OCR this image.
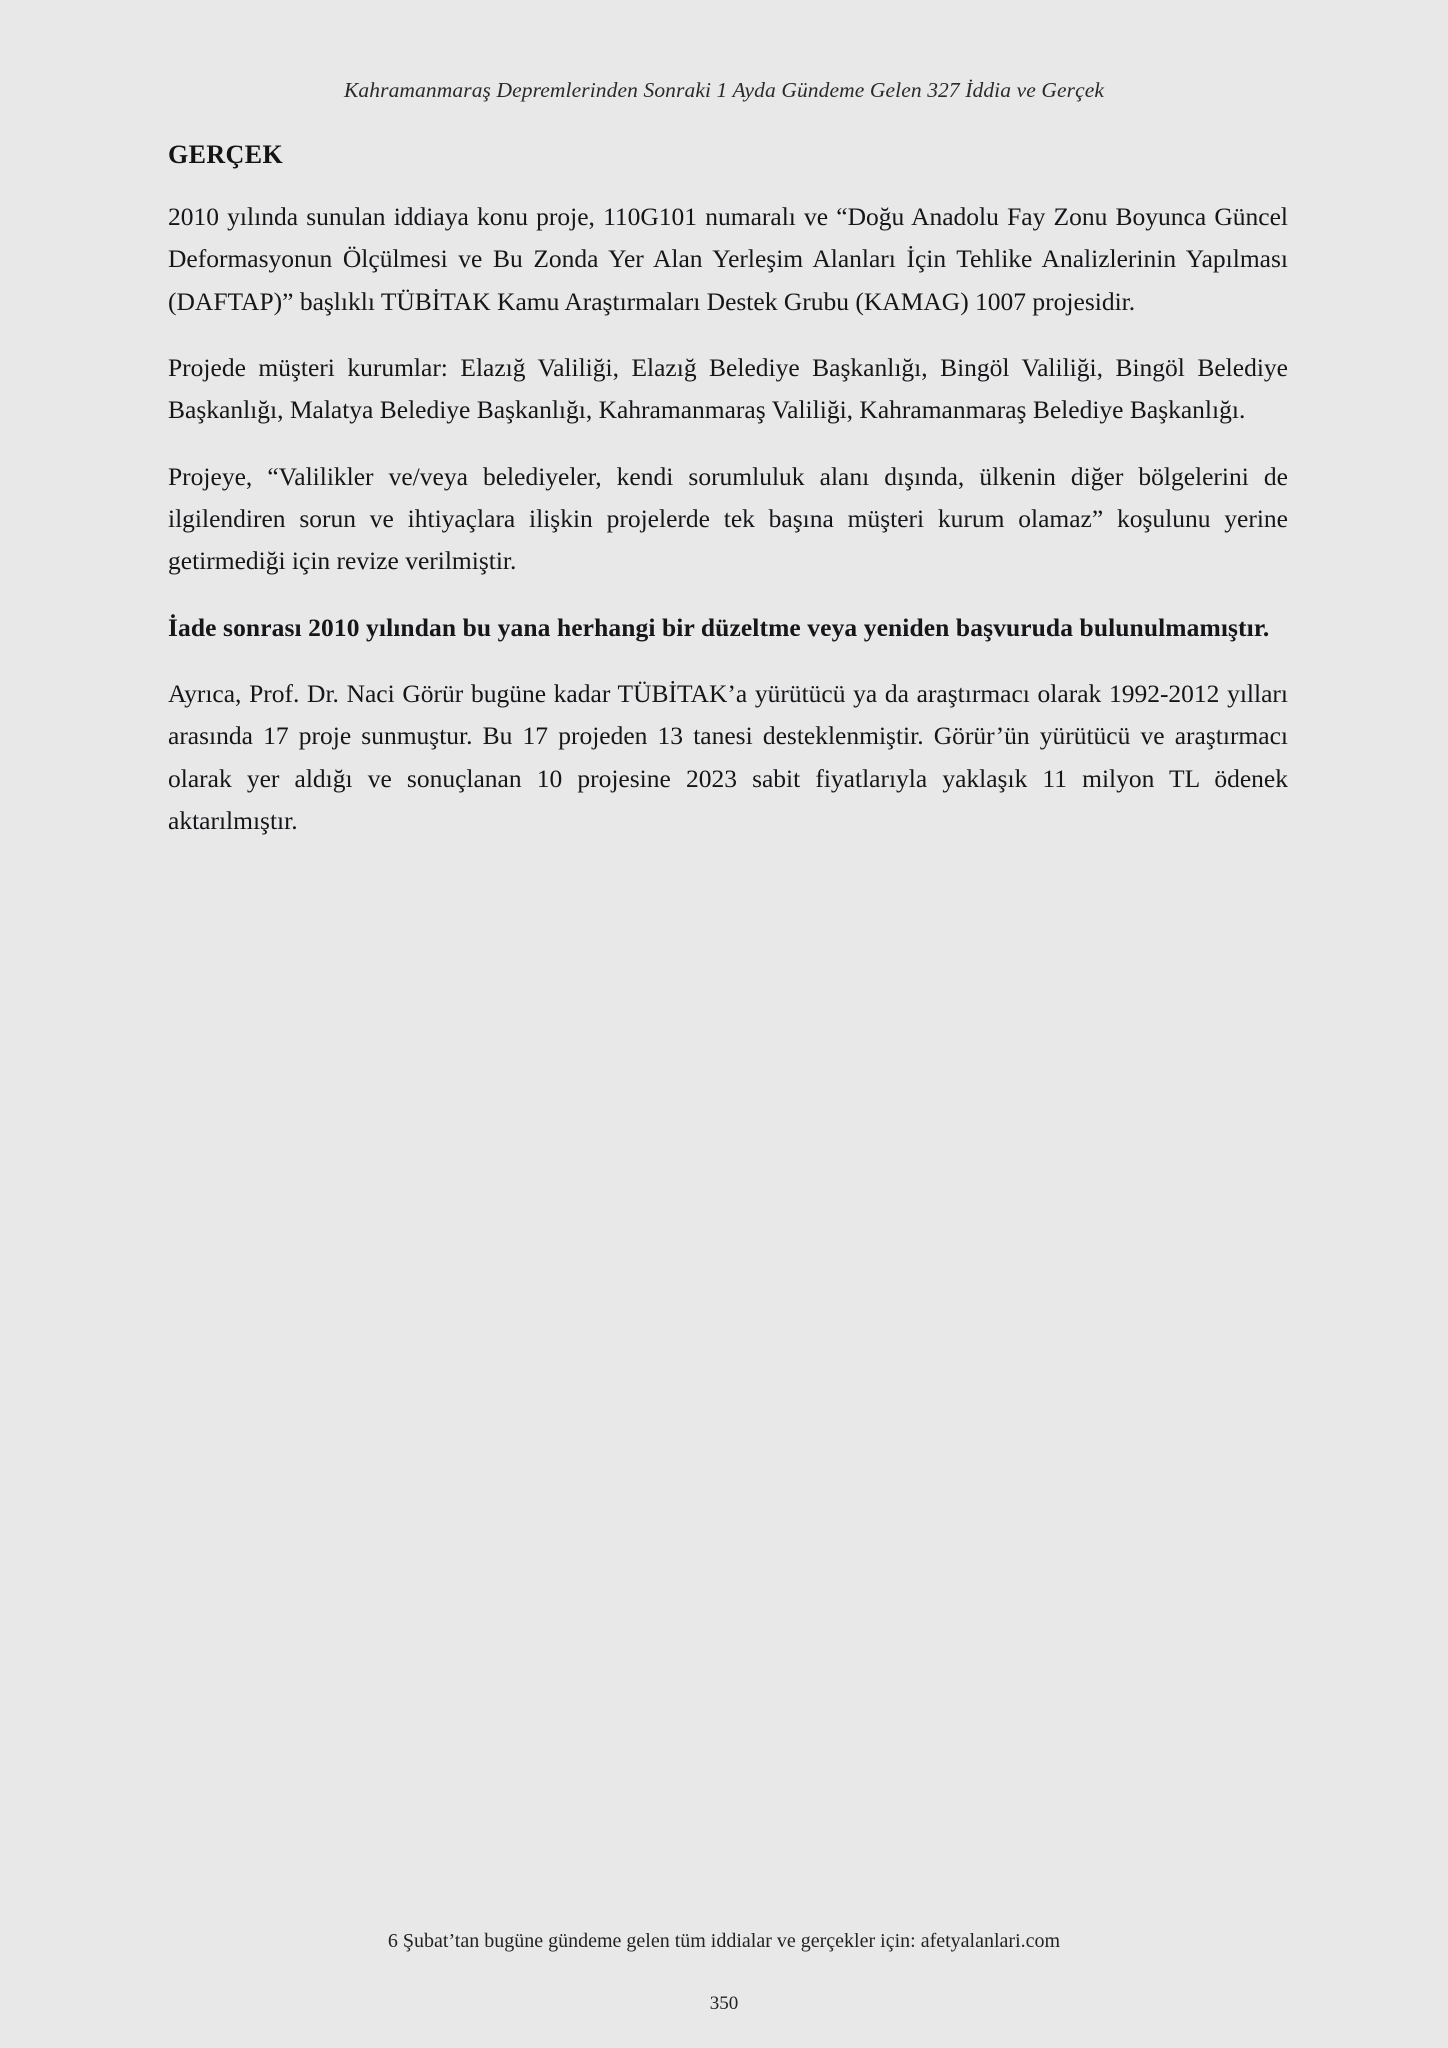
Kahramanmaraş Depremlerinden Sonraki 1 Ayda Gündeme Gelen 327 İddia ve Gerçek
GERÇEK

2010 yılında sunulan iddiaya konu proje, 110G101 numaralı ve “Doğu Anadolu Fay Zonu Boyunca Güncel Deformasyonun Ölçülmesi ve Bu Zonda Yer Alan Yerleşim Alanları İçin Tehlike Analizlerinin Yapılması (DAFTAP)” başlıklı TÜBİTAK Kamu Araştırmaları Destek Grubu (KAMAG) 1007 projesidir.

Projede müşteri kurumlar: Elazığ Valiliği, Elazığ Belediye Başkanlığı, Bingöl Valiliği, Bingöl Belediye Başkanlığı, Malatya Belediye Başkanlığı, Kahramanmaraş Valiliği, Kahramanmaraş Belediye Başkanlığı.

Projeye, “Valilikler ve/veya belediyeler, kendi sorumluluk alanı dışında, ülkenin diğer bölgelerini de ilgilendiren sorun ve ihtiyaçlara ilişkin projelerde tek başına müşteri kurum olamaz” koşulunu yerine getirmediği için revize verilmiştir.

İade sonrası 2010 yılından bu yana herhangi bir düzeltme veya yeniden başvuruda bulunulmamıştır.

Ayrıca, Prof. Dr. Naci Görür bugüne kadar TÜBİTAK’a yürütücü ya da araştırmacı olarak 1992-2012 yılları arasında 17 proje sunmuştur. Bu 17 projeden 13 tanesi desteklenmiştir. Görür’ün yürütücü ve araştırmacı olarak yer aldığı ve sonuçlanan 10 projesine 2023 sabit fiyatlarıyla yaklaşık 11 milyon TL ödenek aktarılmıştır.

6 Şubat’tan bugüne gündeme gelen tüm iddialar ve gerçekler için: afetyalanlari.com
350
